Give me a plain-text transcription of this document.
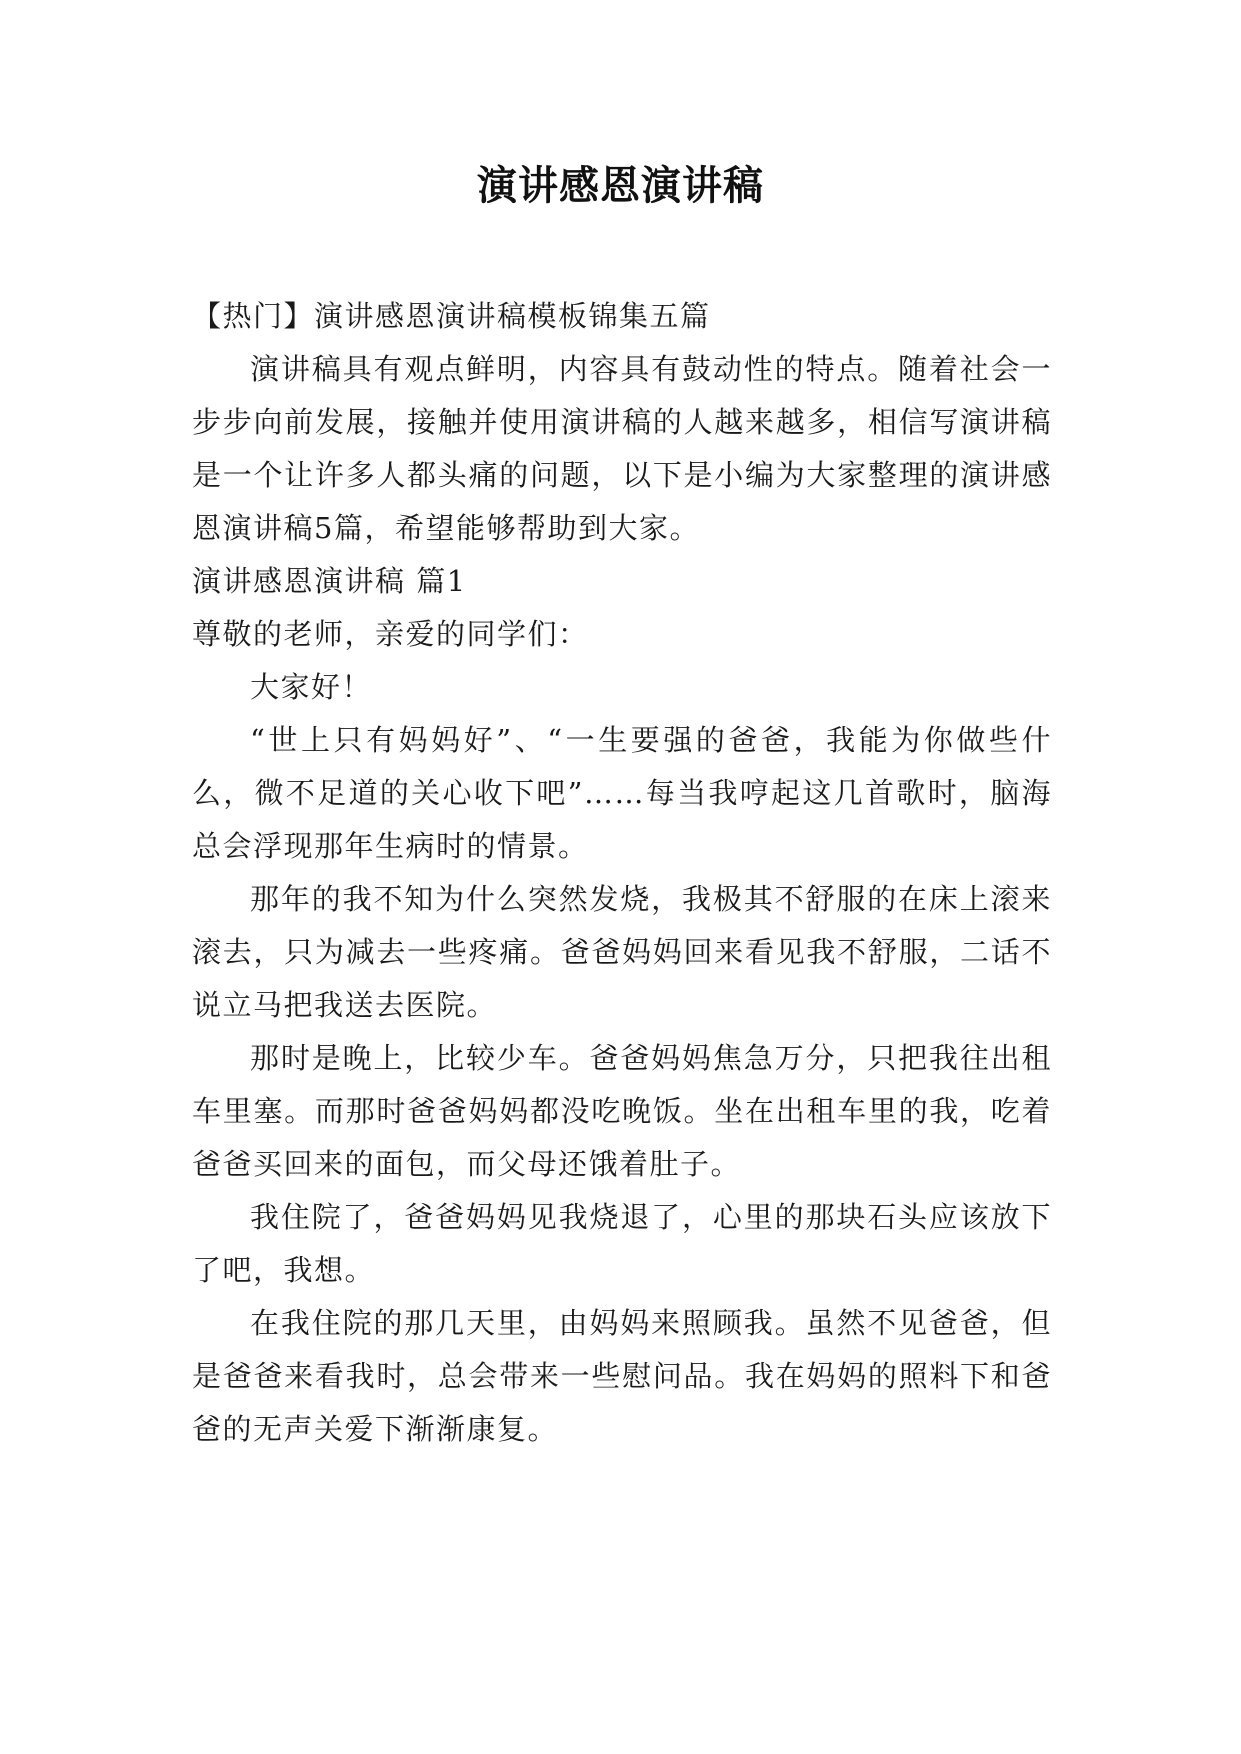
演讲感恩演讲稿

【热门】演讲感恩演讲稿模板锦集五篇

演讲稿具有观点鲜明，内容具有鼓动性的特点。随着社会一步步向前发展，接触并使用演讲稿的人越来越多，相信写演讲稿是一个让许多人都头痛的问题，以下是小编为大家整理的演讲感恩演讲稿5篇，希望能够帮助到大家。

演讲感恩演讲稿 篇1

尊敬的老师，亲爱的同学们：

大家好！

“世上只有妈妈好”、“一生要强的爸爸，我能为你做些什么，微不足道的关心收下吧”……每当我哼起这几首歌时，脑海总会浮现那年生病时的情景。

那年的我不知为什么突然发烧，我极其不舒服的在床上滚来滚去，只为减去一些疼痛。爸爸妈妈回来看见我不舒服，二话不说立马把我送去医院。

那时是晚上，比较少车。爸爸妈妈焦急万分，只把我往出租车里塞。而那时爸爸妈妈都没吃晚饭。坐在出租车里的我，吃着爸爸买回来的面包，而父母还饿着肚子。

我住院了，爸爸妈妈见我烧退了，心里的那块石头应该放下了吧，我想。

在我住院的那几天里，由妈妈来照顾我。虽然不见爸爸，但是爸爸来看我时，总会带来一些慰问品。我在妈妈的照料下和爸爸的无声关爱下渐渐康复。
